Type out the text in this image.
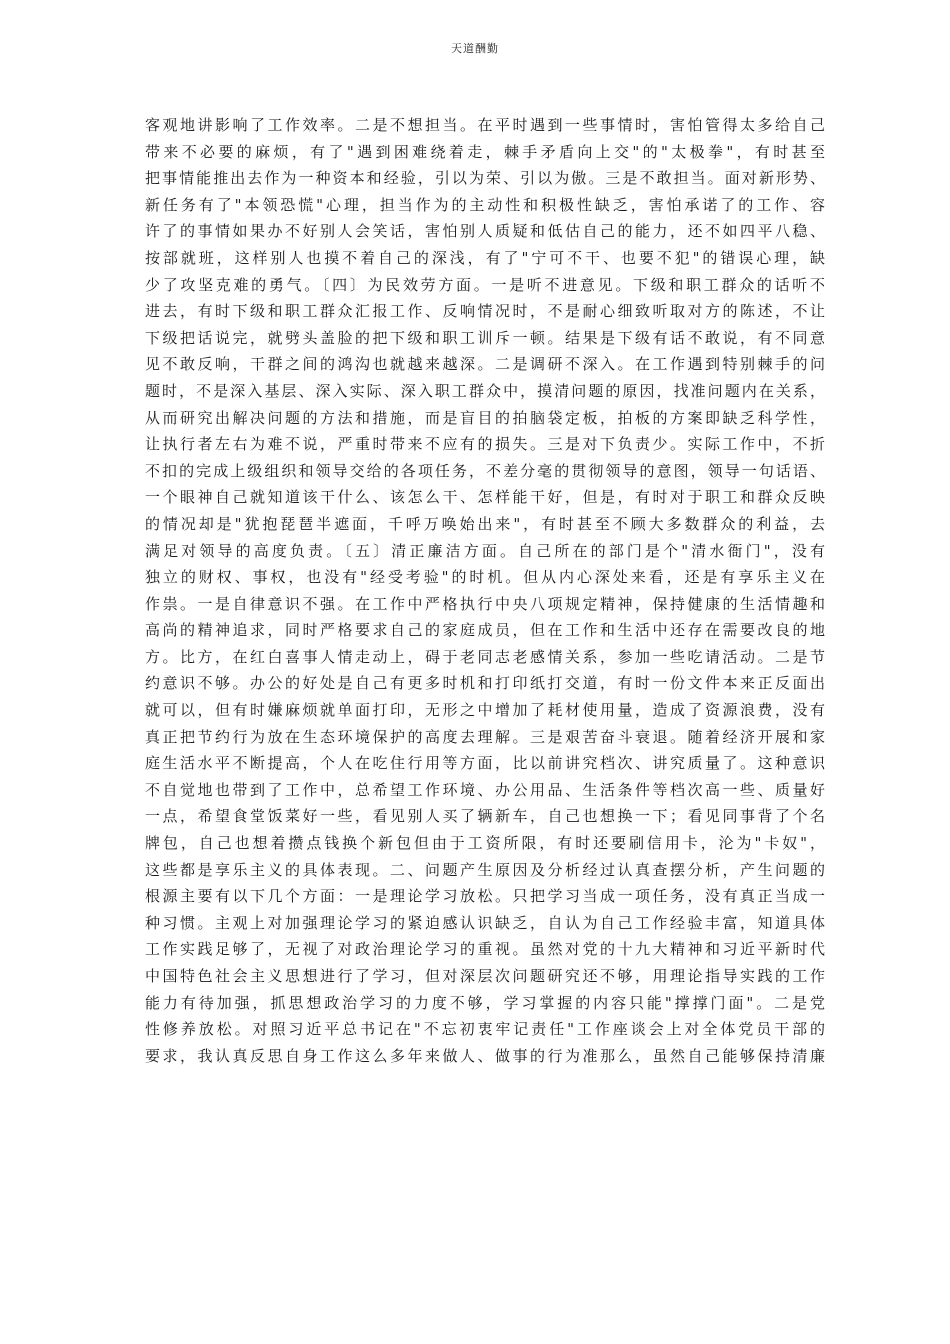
天道酬勤
客观地讲影响了工作效率。二是不想担当。在平时遇到一些事情时，害怕管得太多给自己
带来不必要的麻烦，有了"遇到困难绕着走，棘手矛盾向上交"的"太极拳"，有时甚至
把事情能推出去作为一种资本和经验，引以为荣、引以为傲。三是不敢担当。面对新形势、
新任务有了"本领恐慌"心理，担当作为的主动性和积极性缺乏，害怕承诺了的工作、容
许了的事情如果办不好别人会笑话，害怕别人质疑和低估自己的能力，还不如四平八稳、
按部就班，这样别人也摸不着自己的深浅，有了"宁可不干、也要不犯"的错误心理，缺
少了攻坚克难的勇气。〔四〕为民效劳方面。一是听不进意见。下级和职工群众的话听不
进去，有时下级和职工群众汇报工作、反响情况时，不是耐心细致听取对方的陈述，不让
下级把话说完，就劈头盖脸的把下级和职工训斥一顿。结果是下级有话不敢说，有不同意
见不敢反响，干群之间的鸿沟也就越来越深。二是调研不深入。在工作遇到特别棘手的问
题时，不是深入基层、深入实际、深入职工群众中，摸清问题的原因，找准问题内在关系，
从而研究出解决问题的方法和措施，而是盲目的拍脑袋定板，拍板的方案即缺乏科学性，
让执行者左右为难不说，严重时带来不应有的损失。三是对下负责少。实际工作中，不折
不扣的完成上级组织和领导交给的各项任务，不差分毫的贯彻领导的意图，领导一句话语、
一个眼神自己就知道该干什么、该怎么干、怎样能干好，但是，有时对于职工和群众反映
的情况却是"犹抱琵琶半遮面，千呼万唤始出来"，有时甚至不顾大多数群众的利益，去
满足对领导的高度负责。〔五〕清正廉洁方面。自己所在的部门是个"清水衙门"，没有
独立的财权、事权，也没有"经受考验"的时机。但从内心深处来看，还是有享乐主义在
作祟。一是自律意识不强。在工作中严格执行中央八项规定精神，保持健康的生活情趣和
高尚的精神追求，同时严格要求自己的家庭成员，但在工作和生活中还存在需要改良的地
方。比方，在红白喜事人情走动上，碍于老同志老感情关系，参加一些吃请活动。二是节
约意识不够。办公的好处是自己有更多时机和打印纸打交道，有时一份文件本来正反面出
就可以，但有时嫌麻烦就单面打印，无形之中增加了耗材使用量，造成了资源浪费，没有
真正把节约行为放在生态环境保护的高度去理解。三是艰苦奋斗衰退。随着经济开展和家
庭生活水平不断提高，个人在吃住行用等方面，比以前讲究档次、讲究质量了。这种意识
不自觉地也带到了工作中，总希望工作环境、办公用品、生活条件等档次高一些、质量好
一点，希望食堂饭菜好一些，看见别人买了辆新车，自己也想换一下；看见同事背了个名
牌包，自己也想着攒点钱换个新包但由于工资所限，有时还要刷信用卡，沦为"卡奴"，
这些都是享乐主义的具体表现。二、问题产生原因及分析经过认真查摆分析，产生问题的
根源主要有以下几个方面：一是理论学习放松。只把学习当成一项任务，没有真正当成一
种习惯。主观上对加强理论学习的紧迫感认识缺乏，自认为自己工作经验丰富，知道具体
工作实践足够了，无视了对政治理论学习的重视。虽然对党的十九大精神和习近平新时代
中国特色社会主义思想进行了学习，但对深层次问题研究还不够，用理论指导实践的工作
能力有待加强，抓思想政治学习的力度不够，学习掌握的内容只能"撑撑门面"。二是党
性修养放松。对照习近平总书记在"不忘初衷牢记责任"工作座谈会上对全体党员干部的
要求，我认真反思自身工作这么多年来做人、做事的行为准那么，虽然自己能够保持清廉
